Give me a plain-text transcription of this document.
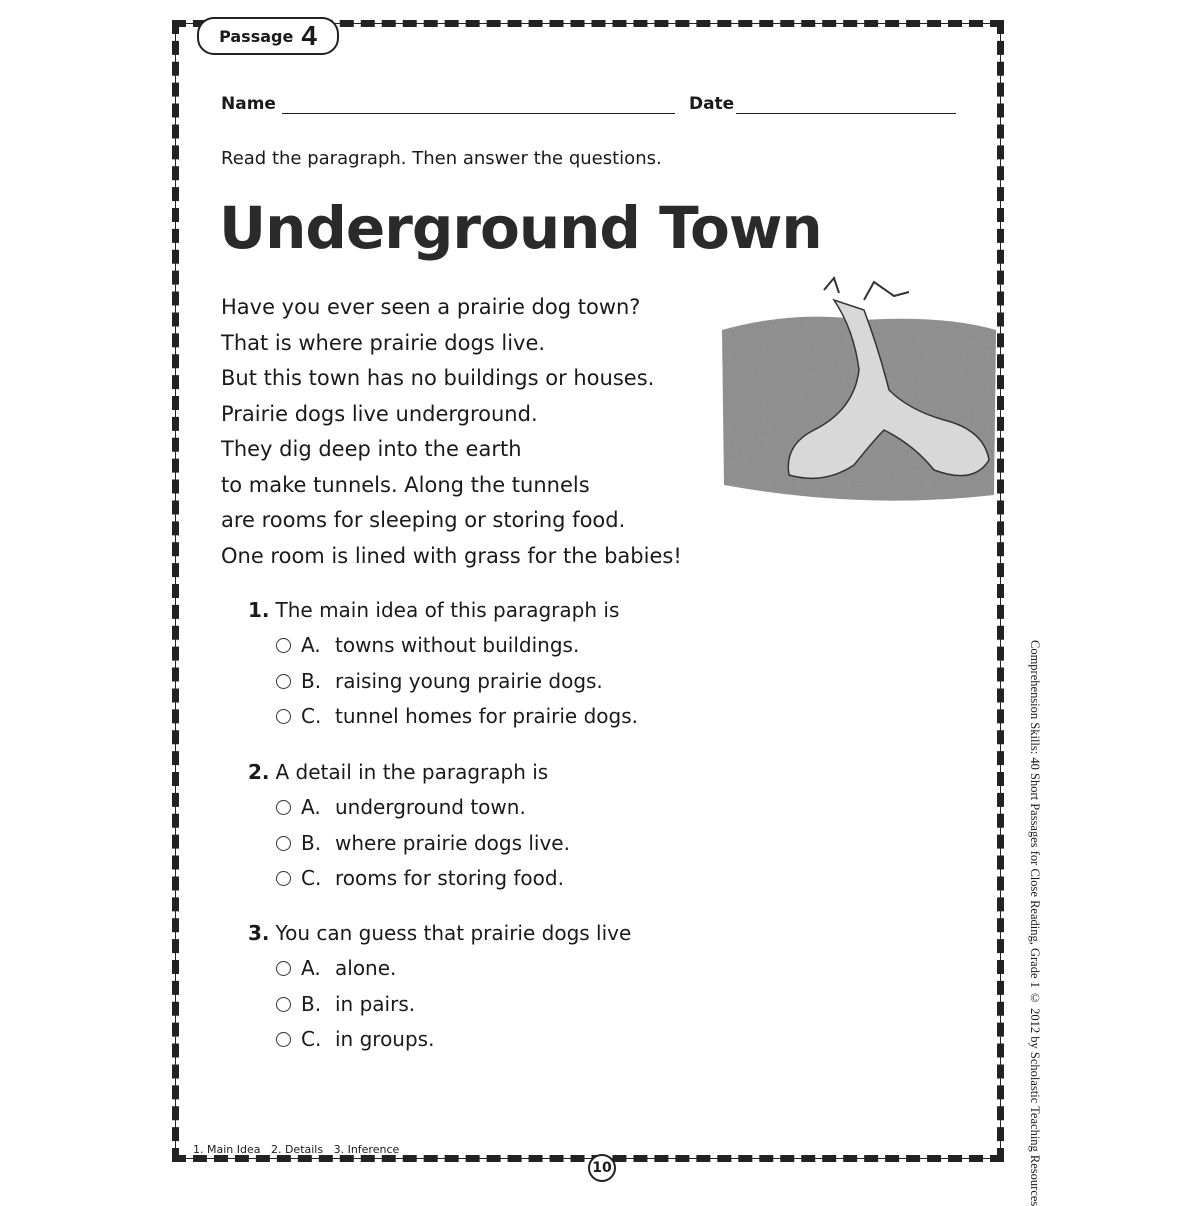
Passage 4
Name	Date
Read the paragraph. Then answer the questions.
Underground Town
Have you ever seen a prairie dog town?
That is where prairie dogs live.
But this town has no buildings or houses.
Prairie dogs live underground.
They dig deep into the earth
to make tunnels. Along the tunnels
are rooms for sleeping or storing food.
One room is lined with grass for the babies!
1. The main idea of this paragraph is
A. towns without buildings.
B. raising young prairie dogs.
C. tunnel homes for prairie dogs.
2. A detail in the paragraph is
A. underground town.
B. where prairie dogs live.
C. rooms for storing food.
3. You can guess that prairie dogs live
A. alone.
B. in pairs.
C. in groups.
1. Main Idea   2. Details   3. Inference
10	Comprehension Skills: 40 Short Passages for Close Reading, Grade 1 © 2012 by Scholastic Teaching Resources
